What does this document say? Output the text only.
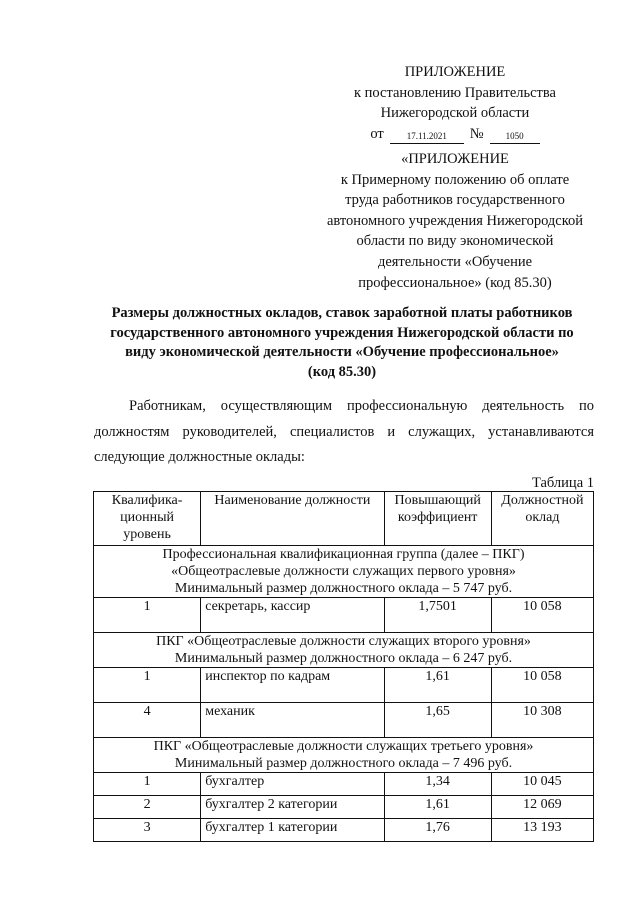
ПРИЛОЖЕНИЕ
к постановлению Правительства
Нижегородской области
от	17.11.2021	№	1050
«ПРИЛОЖЕНИЕ
к Примерному положению об оплате
труда работников государственного
автономного учреждения Нижегородской
области по виду экономической
деятельности «Обучение
профессиональное» (код 85.30)
Размеры должностных окладов, ставок заработной платы работников
государственного автономного учреждения Нижегородской области по
виду экономической деятельности «Обучение профессиональное»
(код 85.30)
Работникам, осуществляющим профессиональную деятельность по должностям руководителей, специалистов и служащих, устанавливаются следующие должностные оклады:
Таблица 1
Квалифика-ционный уровень	Наименование должности	Повышающий коэффициент	Должностной оклад

Профессиональная квалификационная группа (далее – ПКГ)
«Общеотраслевые должности служащих первого уровня»
Минимальный размер должностного оклада – 5 747 руб.			

1	секретарь, кассир	1,7501	10 058

ПКГ «Общеотраслевые должности служащих второго уровня»
Минимальный размер должностного оклада – 6 247 руб.			

1	инспектор по кадрам	1,61	10 058
4	механик	1,65	10 308

ПКГ «Общеотраслевые должности служащих третьего уровня»
Минимальный размер должностного оклада – 7 496 руб.			

1	бухгалтер	1,34	10 045
2	бухгалтер 2 категории	1,61	12 069
3	бухгалтер 1 категории	1,76	13 193
